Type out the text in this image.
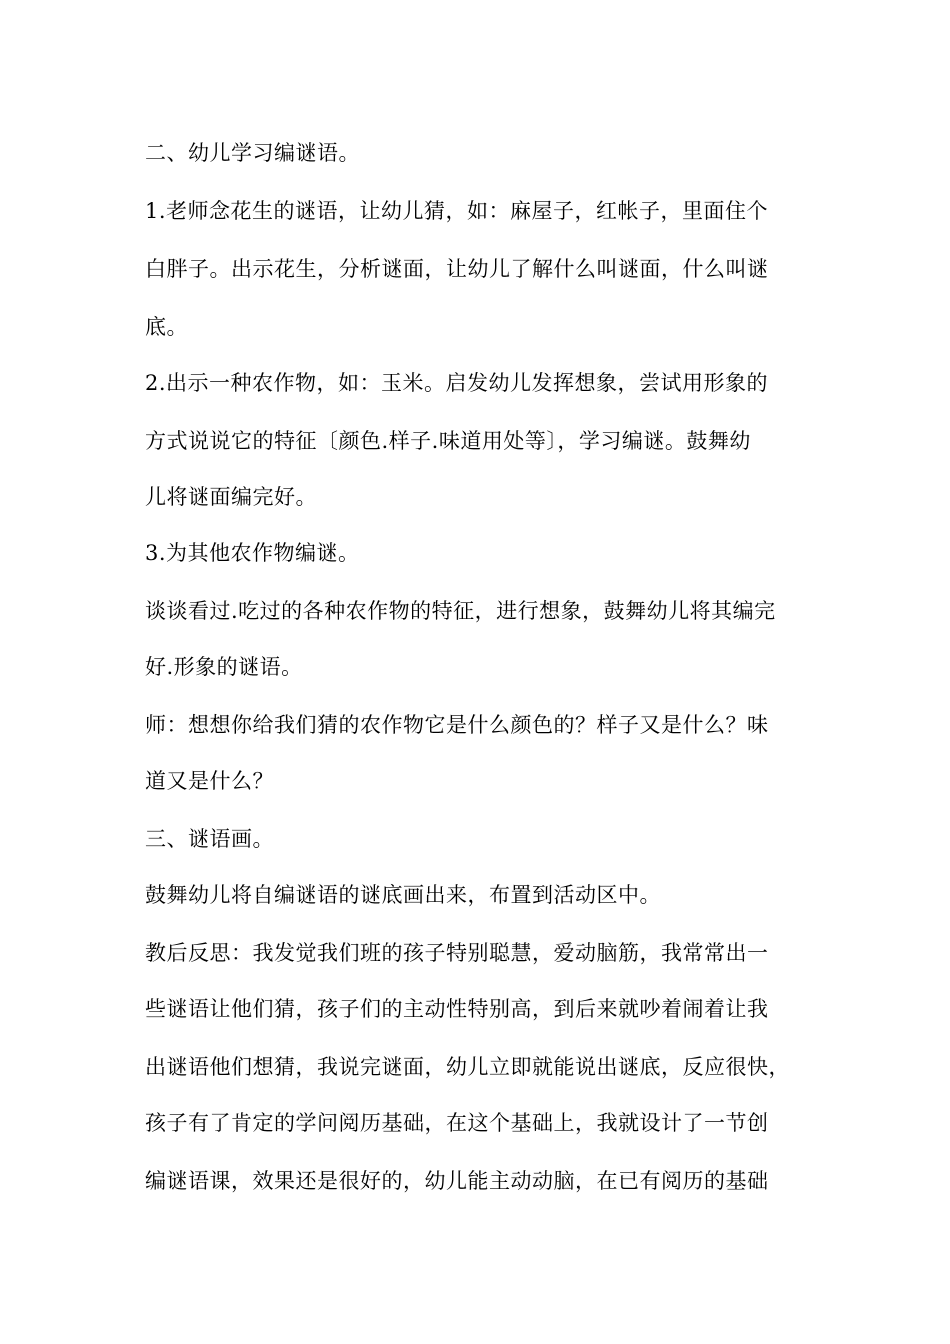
二、幼儿学习编谜语。
1.老师念花生的谜语，让幼儿猜，如：麻屋子，红帐子，里面住个
白胖子。出示花生，分析谜面，让幼儿了解什么叫谜面，什么叫谜
底。
2.出示一种农作物，如：玉米。启发幼儿发挥想象，尝试用形象的
方式说说它的特征〔颜色.样子.味道用处等〕，学习编谜。鼓舞幼
儿将谜面编完好。
3.为其他农作物编谜。
谈谈看过.吃过的各种农作物的特征，进行想象，鼓舞幼儿将其编完
好.形象的谜语。
师：想想你给我们猜的农作物它是什么颜色的？样子又是什么？味
道又是什么？
三、谜语画。
鼓舞幼儿将自编谜语的谜底画出来，布置到活动区中。
教后反思：我发觉我们班的孩子特别聪慧，爱动脑筋，我常常出一
些谜语让他们猜，孩子们的主动性特别高，到后来就吵着闹着让我
出谜语他们想猜，我说完谜面，幼儿立即就能说出谜底，反应很快，
孩子有了肯定的学问阅历基础，在这个基础上，我就设计了一节创
编谜语课，效果还是很好的，幼儿能主动动脑，在已有阅历的基础
